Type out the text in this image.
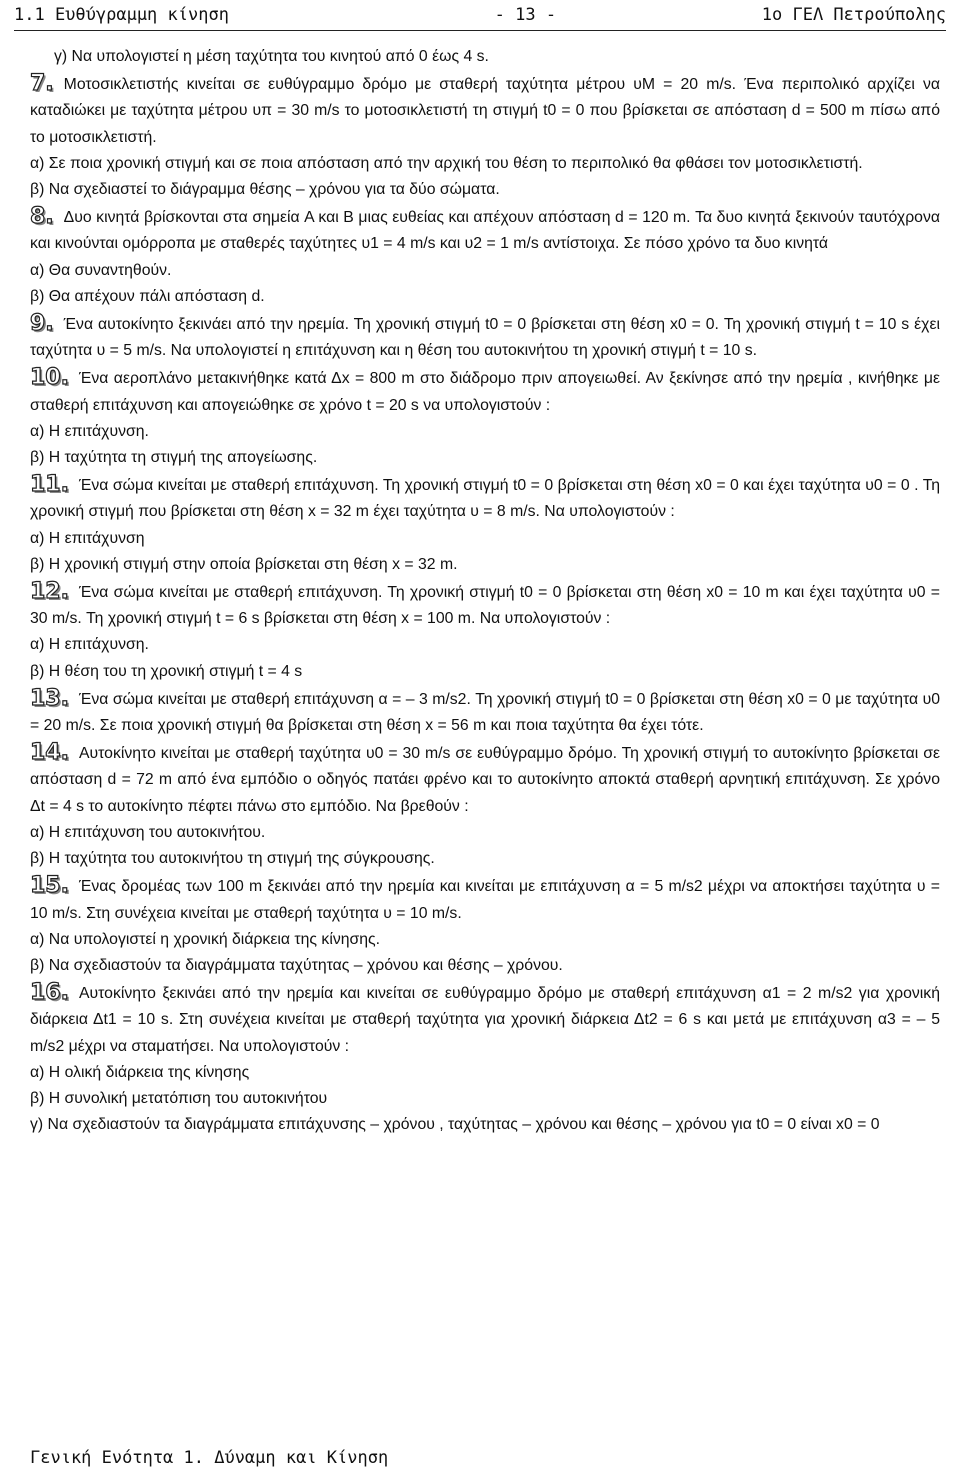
1.1 Ευθύγραμμη κίνηση	- 13 -	1ο ΓΕΛ Πετρούπολης

γ) Να υπολογιστεί η μέση ταχύτητα του κινητού από 0 έως 4 s.

7. Μοτοσικλετιστής κινείται σε ευθύγραμμο δρόμο με σταθερή ταχύτητα μέτρου υM = 20 m/s. Ένα περιπολικό αρχίζει να καταδιώκει με ταχύτητα μέτρου υπ = 30 m/s το μοτοσικλετιστή τη στιγμή t0 = 0 που βρίσκεται σε απόσταση d = 500 m πίσω από το μοτοσικλετιστή.

α) Σε ποια χρονική στιγμή και σε ποια απόσταση από την αρχική του θέση το περιπολικό θα φθάσει τον μοτοσικλετιστή.

β) Να σχεδιαστεί το διάγραμμα θέσης – χρόνου για τα δύο σώματα.

8. Δυο κινητά βρίσκονται στα σημεία A και B μιας ευθείας και απέχουν απόσταση d = 120 m. Τα δυο κινητά ξεκινούν ταυτόχρονα και κινούνται ομόρροπα με σταθερές ταχύτητες υ1 = 4 m/s και υ2 = 1 m/s αντίστοιχα. Σε πόσο χρόνο τα δυο κινητά

α) Θα συναντηθούν.

β) Θα απέχουν πάλι απόσταση d.

9. Ένα αυτοκίνητο ξεκινάει από την ηρεμία. Τη χρονική στιγμή t0 = 0 βρίσκεται στη θέση x0 = 0. Τη χρονική στιγμή t = 10 s έχει ταχύτητα υ = 5 m/s. Να υπολογιστεί η επιτάχυνση και η θέση του αυτοκινήτου τη χρονική στιγμή t = 10 s.

10. Ένα αεροπλάνο μετακινήθηκε κατά Δx = 800 m στο διάδρομο πριν απογειωθεί. Αν ξεκίνησε από την ηρεμία , κινήθηκε με σταθερή επιτάχυνση και απογειώθηκε σε χρόνο t = 20 s να υπολογιστούν :

α) Η επιτάχυνση.

β) Η ταχύτητα τη στιγμή της απογείωσης.

11. Ένα σώμα κινείται με σταθερή επιτάχυνση. Τη χρονική στιγμή t0 = 0 βρίσκεται στη θέση x0 = 0 και έχει ταχύτητα υ0 = 0 . Τη χρονική στιγμή που βρίσκεται στη θέση x = 32 m έχει ταχύτητα υ = 8 m/s. Να υπολογιστούν :

α) Η επιτάχυνση

β) Η χρονική στιγμή στην οποία βρίσκεται στη θέση x = 32 m.

12. Ένα σώμα κινείται με σταθερή επιτάχυνση. Τη χρονική στιγμή t0 = 0 βρίσκεται στη θέση x0 = 10 m και έχει ταχύτητα υ0 = 30 m/s. Τη χρονική στιγμή t = 6 s βρίσκεται στη θέση x = 100 m. Να υπολογιστούν :

α) Η επιτάχυνση.

β) Η θέση του τη χρονική στιγμή t = 4 s

13. Ένα σώμα κινείται με σταθερή επιτάχυνση α = – 3 m/s2. Τη χρονική στιγμή t0 = 0 βρίσκεται στη θέση x0 = 0 με ταχύτητα υ0 = 20 m/s. Σε ποια χρονική στιγμή θα βρίσκεται στη θέση x = 56 m και ποια ταχύτητα θα έχει τότε.

14. Αυτοκίνητο κινείται με σταθερή ταχύτητα υ0 = 30 m/s σε ευθύγραμμο δρόμο. Τη χρονική στιγμή το αυτοκίνητο βρίσκεται σε απόσταση d = 72 m από ένα εμπόδιο ο οδηγός πατάει φρένο και το αυτοκίνητο αποκτά σταθερή αρνητική επιτάχυνση. Σε χρόνο Δt = 4 s το αυτοκίνητο πέφτει πάνω στο εμπόδιο. Να βρεθούν :

α) Η επιτάχυνση του αυτοκινήτου.

β) Η ταχύτητα του αυτοκινήτου τη στιγμή της σύγκρουσης.

15. Ένας δρομέας των 100 m ξεκινάει από την ηρεμία και κινείται με επιτάχυνση α = 5 m/s2 μέχρι να αποκτήσει ταχύτητα υ = 10 m/s. Στη συνέχεια κινείται με σταθερή ταχύτητα υ = 10 m/s.

α) Να υπολογιστεί η χρονική διάρκεια της κίνησης.

β) Να σχεδιαστούν τα διαγράμματα ταχύτητας – χρόνου και θέσης – χρόνου.

16. Αυτοκίνητο ξεκινάει από την ηρεμία και κινείται σε ευθύγραμμο δρόμο με σταθερή επιτάχυνση α1 = 2 m/s2 για χρονική διάρκεια Δt1 = 10 s. Στη συνέχεια κινείται με σταθερή ταχύτητα για χρονική διάρκεια Δt2 = 6 s και μετά με επιτάχυνση α3 = – 5 m/s2 μέχρι να σταματήσει. Να υπολογιστούν :

α) Η ολική διάρκεια της κίνησης

β) Η συνολική μετατόπιση του αυτοκινήτου

γ) Να σχεδιαστούν τα διαγράμματα επιτάχυνσης – χρόνου , ταχύτητας – χρόνου και θέσης – χρόνου για t0 = 0 είναι x0 = 0

Γενική Ενότητα 1. Δύναμη και Κίνηση
